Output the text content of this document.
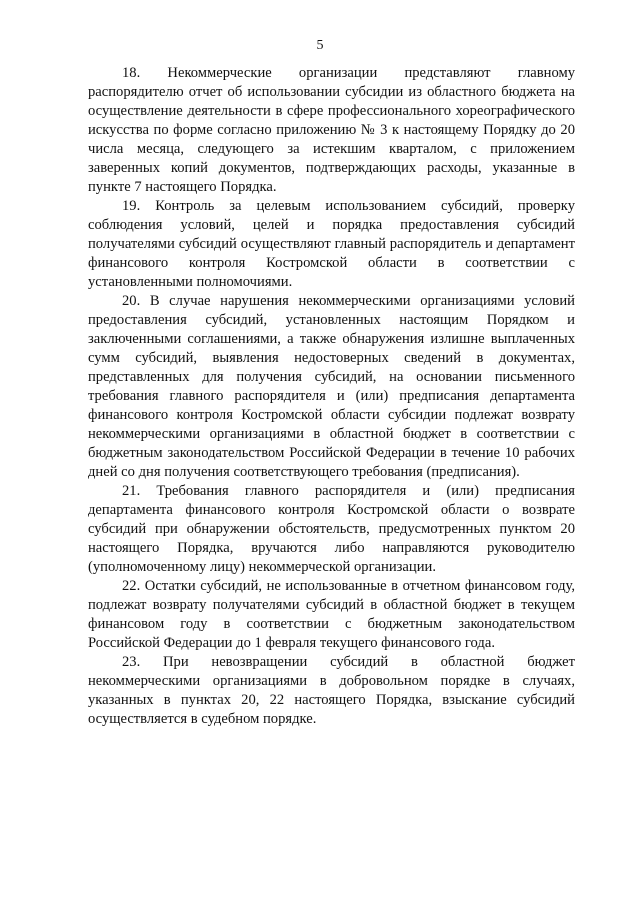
5

18. Некоммерческие организации представляют главному распорядителю отчет об использовании субсидии из областного бюджета на осуществление деятельности в сфере профессионального хореографического искусства по форме согласно приложению № 3 к настоящему Порядку до 20 числа месяца, следующего за истекшим кварталом, с приложением заверенных копий документов, подтверждающих расходы, указанные в пункте 7 настоящего Порядка.

19. Контроль за целевым использованием субсидий, проверку соблюдения условий, целей и порядка предоставления субсидий получателями субсидий осуществляют главный распорядитель и департамент финансового контроля Костромской области в соответствии с установленными полномочиями.

20. В случае нарушения некоммерческими организациями условий предоставления субсидий, установленных настоящим Порядком и заключенными соглашениями, а также обнаружения излишне выплаченных сумм субсидий, выявления недостоверных сведений в документах, представленных для получения субсидий, на основании письменного требования главного распорядителя и (или) предписания департамента финансового контроля Костромской области субсидии подлежат возврату некоммерческими организациями в областной бюджет в соответствии с бюджетным законодательством Российской Федерации в течение 10 рабочих дней со дня получения соответствующего требования (предписания).

21. Требования главного распорядителя и (или) предписания департамента финансового контроля Костромской области о возврате субсидий при обнаружении обстоятельств, предусмотренных пунктом 20 настоящего Порядка, вручаются либо направляются руководителю (уполномоченному лицу) некоммерческой организации.

22. Остатки субсидий, не использованные в отчетном финансовом году, подлежат возврату получателями субсидий в областной бюджет в текущем финансовом году в соответствии с бюджетным законодательством Российской Федерации до 1 февраля текущего финансового года.

23. При невозвращении субсидий в областной бюджет некоммерческими организациями в добровольном порядке в случаях, указанных в пунктах 20, 22 настоящего Порядка, взыскание субсидий осуществляется в судебном порядке.
